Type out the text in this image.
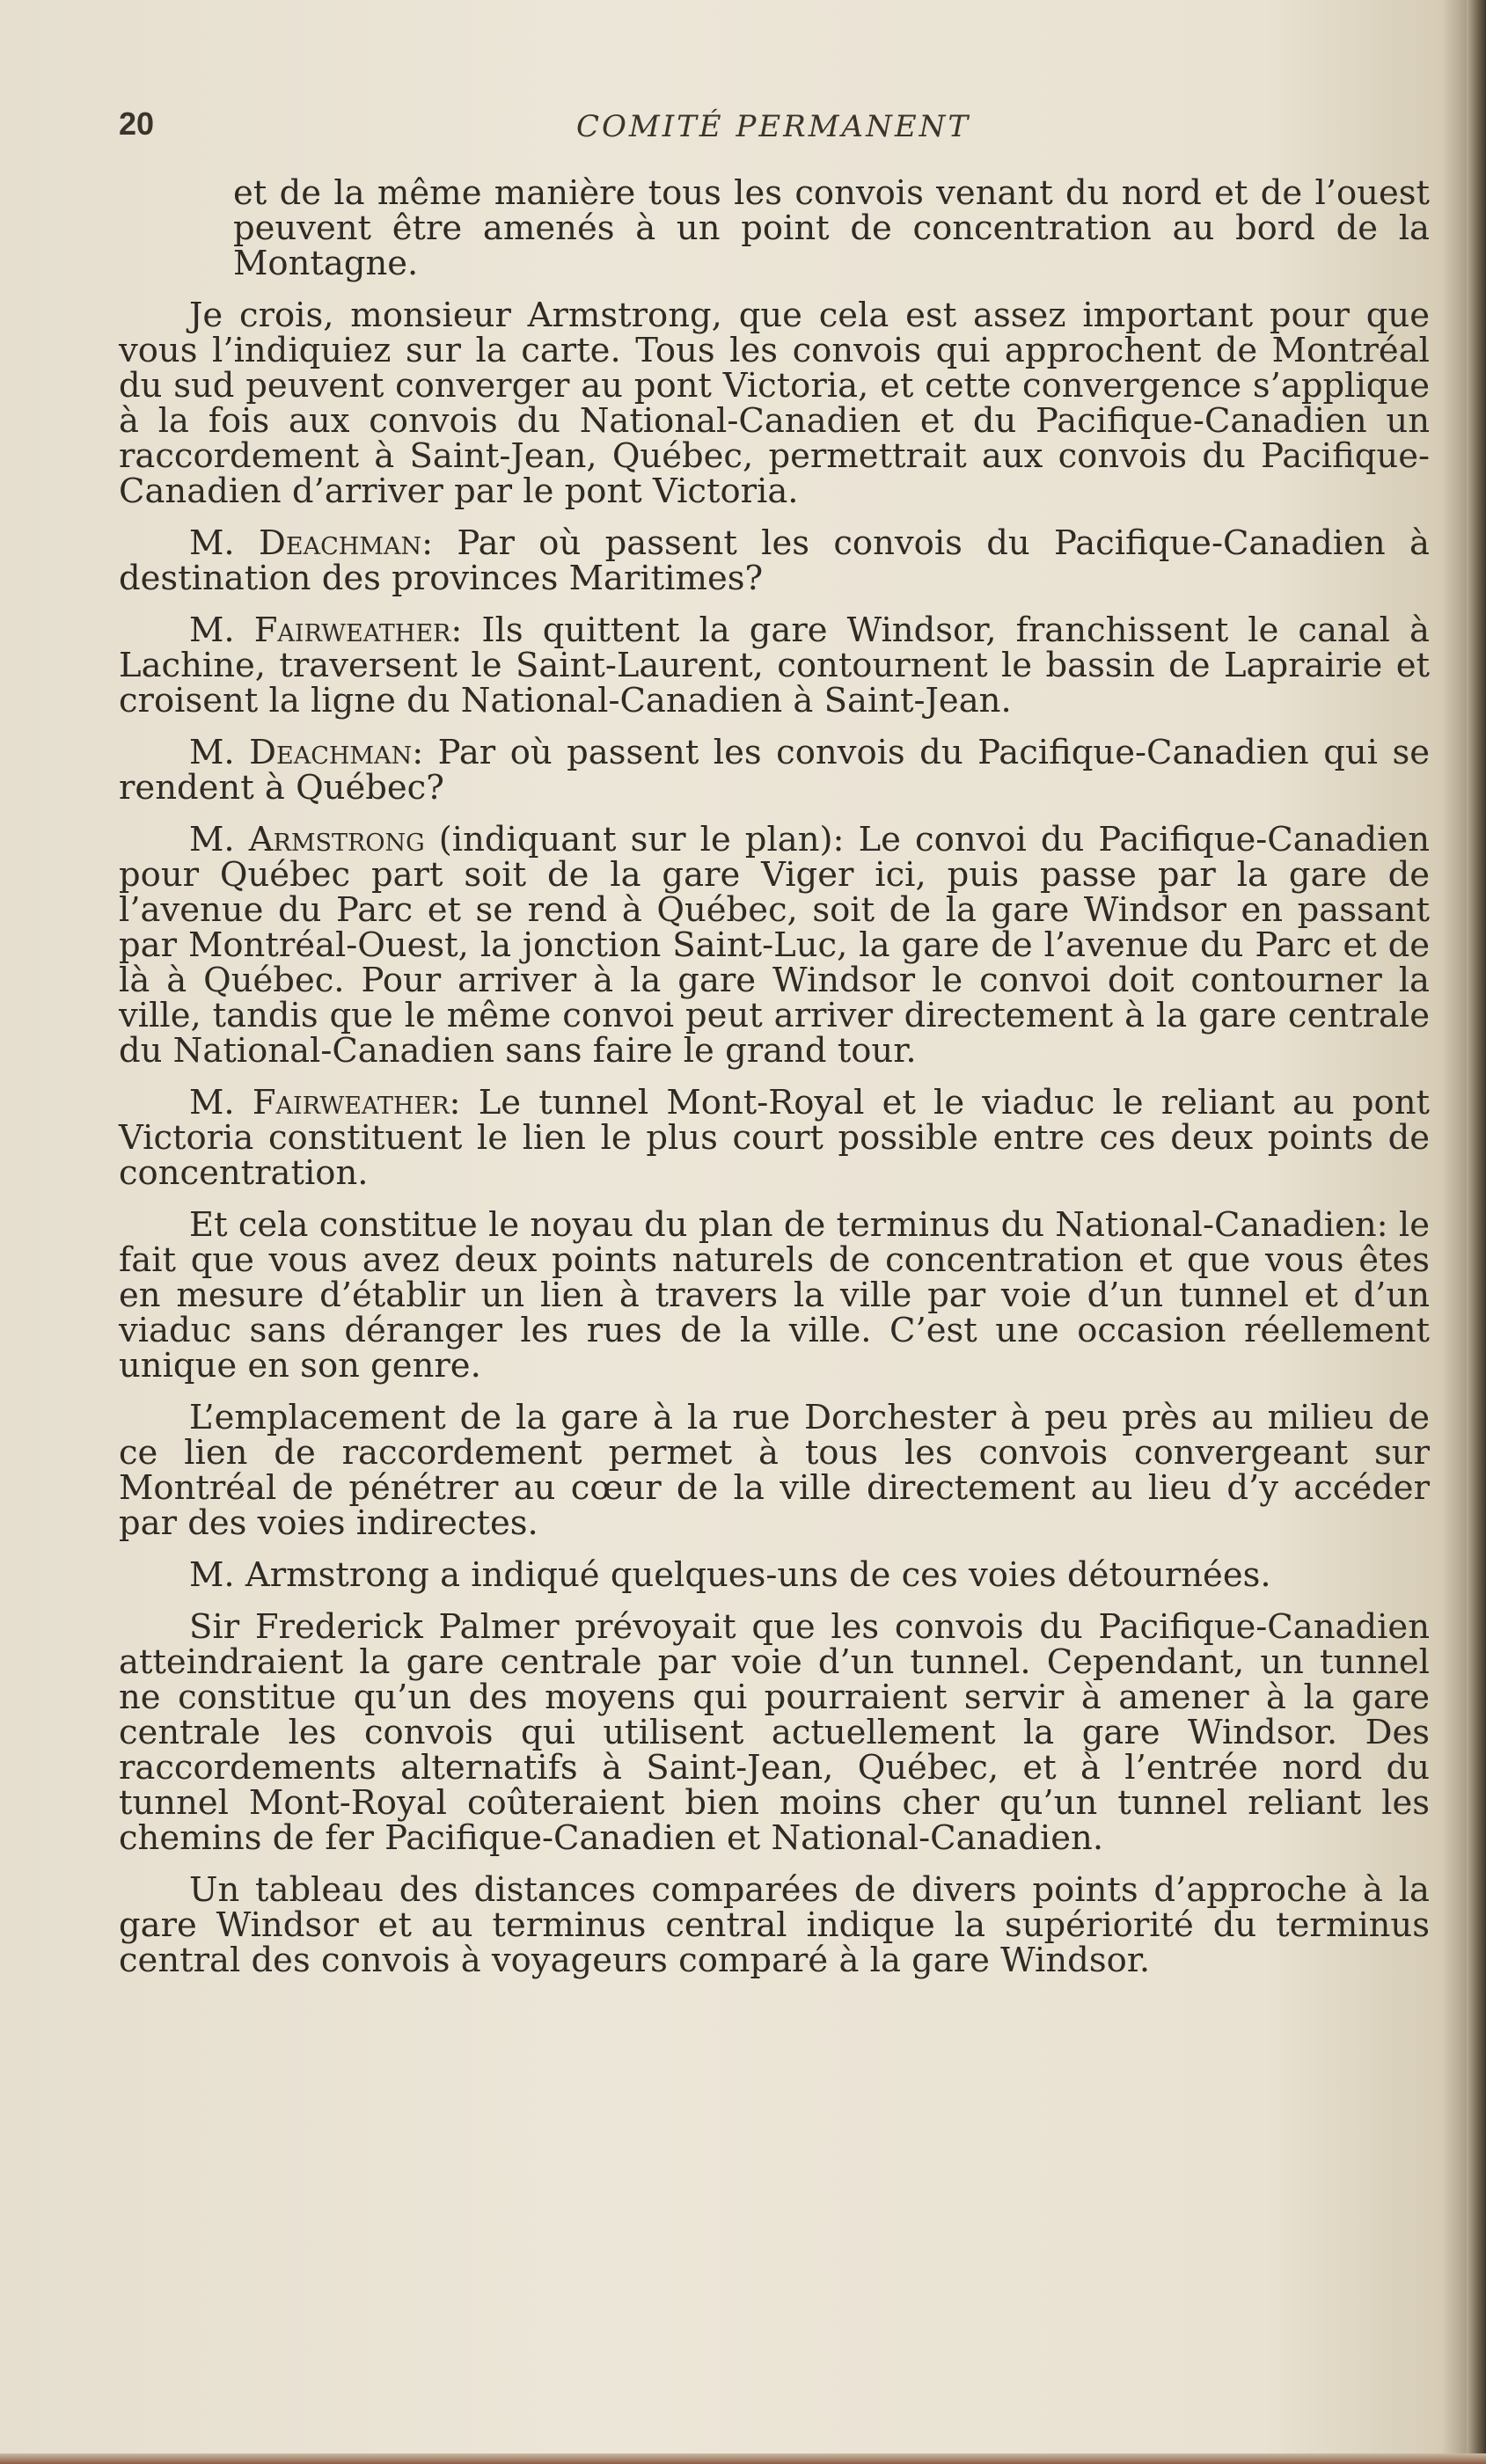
20	COMITÉ PERMANENT

et de la même manière tous les convois venant du nord et de l’ouest peuvent être amenés à un point de concentration au bord de la Montagne.

Je crois, monsieur Armstrong, que cela est assez important pour que vous l’indiquiez sur la carte. Tous les convois qui approchent de Montréal du sud peuvent converger au pont Victoria, et cette convergence s’applique à la fois aux convois du National-Canadien et du Pacifique-Canadien un raccordement à Saint-Jean, Québec, permettrait aux convois du Pacifique-Canadien d’arriver par le pont Victoria.

M. Deachman: Par où passent les convois du Pacifique-Canadien à destination des provinces Maritimes?

M. Fairweather: Ils quittent la gare Windsor, franchissent le canal à Lachine, traversent le Saint-Laurent, contournent le bassin de Laprairie et croisent la ligne du National-Canadien à Saint-Jean.

M. Deachman: Par où passent les convois du Pacifique-Canadien qui se rendent à Québec?

M. Armstrong (indiquant sur le plan): Le convoi du Pacifique-Canadien pour Québec part soit de la gare Viger ici, puis passe par la gare de l’avenue du Parc et se rend à Québec, soit de la gare Windsor en passant par Montréal-Ouest, la jonction Saint-Luc, la gare de l’avenue du Parc et de là à Québec. Pour arriver à la gare Windsor le convoi doit contourner la ville, tandis que le même convoi peut arriver directement à la gare centrale du National-Canadien sans faire le grand tour.

M. Fairweather: Le tunnel Mont-Royal et le viaduc le reliant au pont Victoria constituent le lien le plus court possible entre ces deux points de concentration.

Et cela constitue le noyau du plan de terminus du National-Canadien: le fait que vous avez deux points naturels de concentration et que vous êtes en mesure d’établir un lien à travers la ville par voie d’un tunnel et d’un viaduc sans déranger les rues de la ville. C’est une occasion réellement unique en son genre.

L’emplacement de la gare à la rue Dorchester à peu près au milieu de ce lien de raccordement permet à tous les convois convergeant sur Montréal de pénétrer au cœur de la ville directement au lieu d’y accéder par des voies indirectes.

M. Armstrong a indiqué quelques-uns de ces voies détournées.

Sir Frederick Palmer prévoyait que les convois du Pacifique-Canadien atteindraient la gare centrale par voie d’un tunnel. Cependant, un tunnel ne constitue qu’un des moyens qui pourraient servir à amener à la gare centrale les convois qui utilisent actuellement la gare Windsor. Des raccordements alternatifs à Saint-Jean, Québec, et à l’entrée nord du tunnel Mont-Royal coûteraient bien moins cher qu’un tunnel reliant les chemins de fer Pacifique-Canadien et National-Canadien.

Un tableau des distances comparées de divers points d’approche à la gare Windsor et au terminus central indique la supériorité du terminus central des convois à voyageurs comparé à la gare Windsor.
